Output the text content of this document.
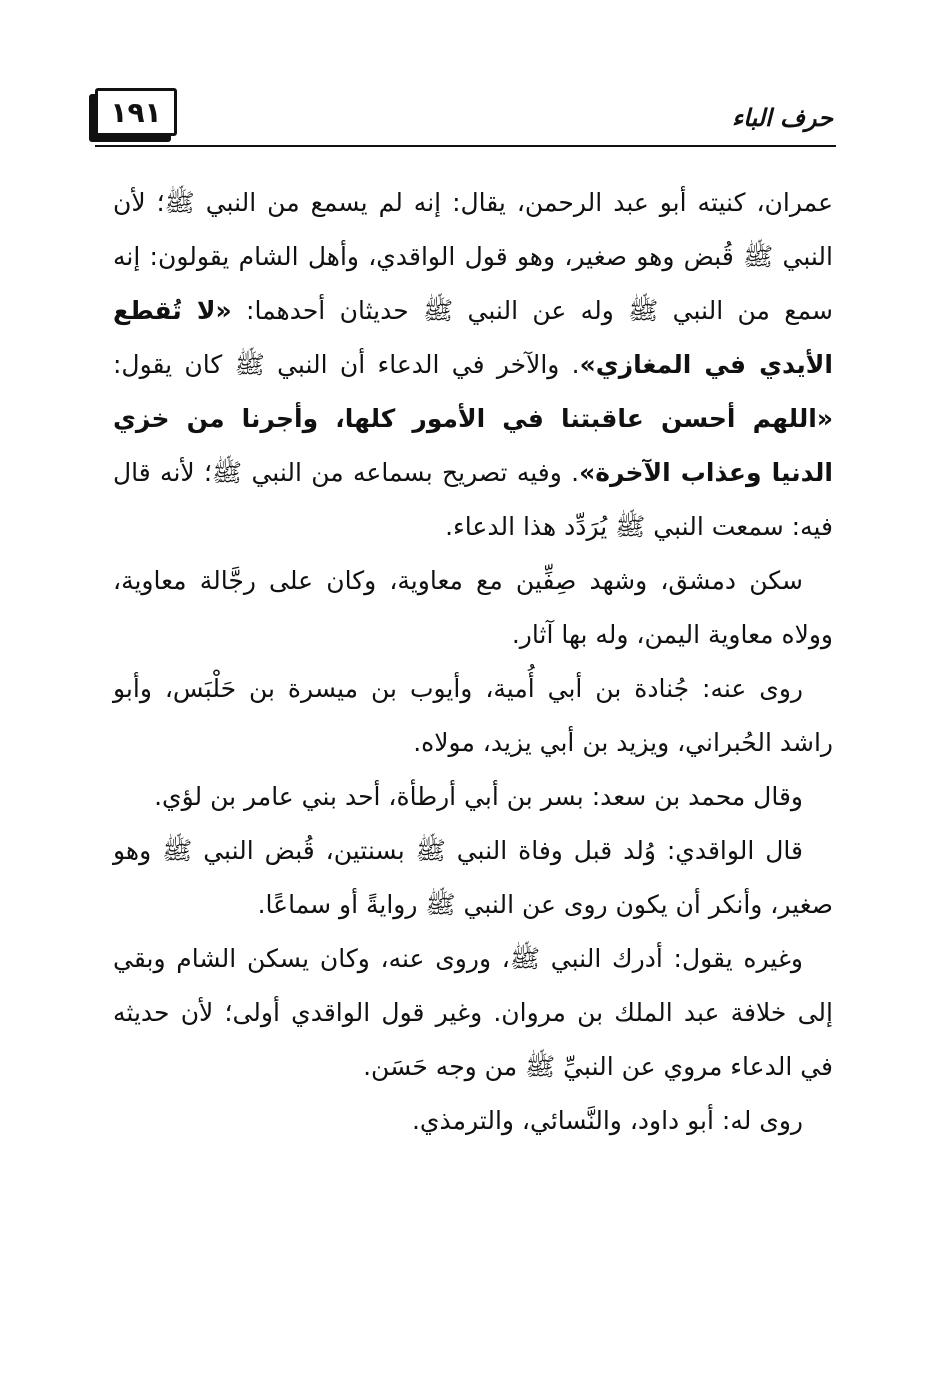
١٩١	حرف الباء

عمران، كنيته أبو عبد الرحمن، يقال: إنه لم يسمع من النبي ﷺ؛ لأن النبي ﷺ قُبض وهو صغير، وهو قول الواقدي، وأهل الشام يقولون: إنه سمع من النبي ﷺ وله عن النبي ﷺ حديثان أحدهما: «لا تُقطع الأيدي في المغازي». والآخر في الدعاء أن النبي ﷺ كان يقول: «اللهم أحسن عاقبتنا في الأمور كلها، وأجرنا من خزي الدنيا وعذاب الآخرة». وفيه تصريح بسماعه من النبي ﷺ؛ لأنه قال فيه: سمعت النبي ﷺ يُرَدِّد هذا الدعاء.

سكن دمشق، وشهد صِفِّين مع معاوية، وكان على رجَّالة معاوية، وولاه معاوية اليمن، وله بها آثار.

روى عنه: جُنادة بن أبي أُمية، وأيوب بن ميسرة بن حَلْبَس، وأبو راشد الحُبراني، ويزيد بن أبي يزيد، مولاه.

وقال محمد بن سعد: بسر بن أبي أرطأة، أحد بني عامر بن لؤي.

قال الواقدي: وُلد قبل وفاة النبي ﷺ بسنتين، قُبض النبي ﷺ وهو صغير، وأنكر أن يكون روى عن النبي ﷺ روايةً أو سماعًا.

وغيره يقول: أدرك النبي ﷺ، وروى عنه، وكان يسكن الشام وبقي إلى خلافة عبد الملك بن مروان. وغير قول الواقدي أولى؛ لأن حديثه في الدعاء مروي عن النبيِّ ﷺ من وجه حَسَن.

روى له: أبو داود، والنَّسائي، والترمذي.
